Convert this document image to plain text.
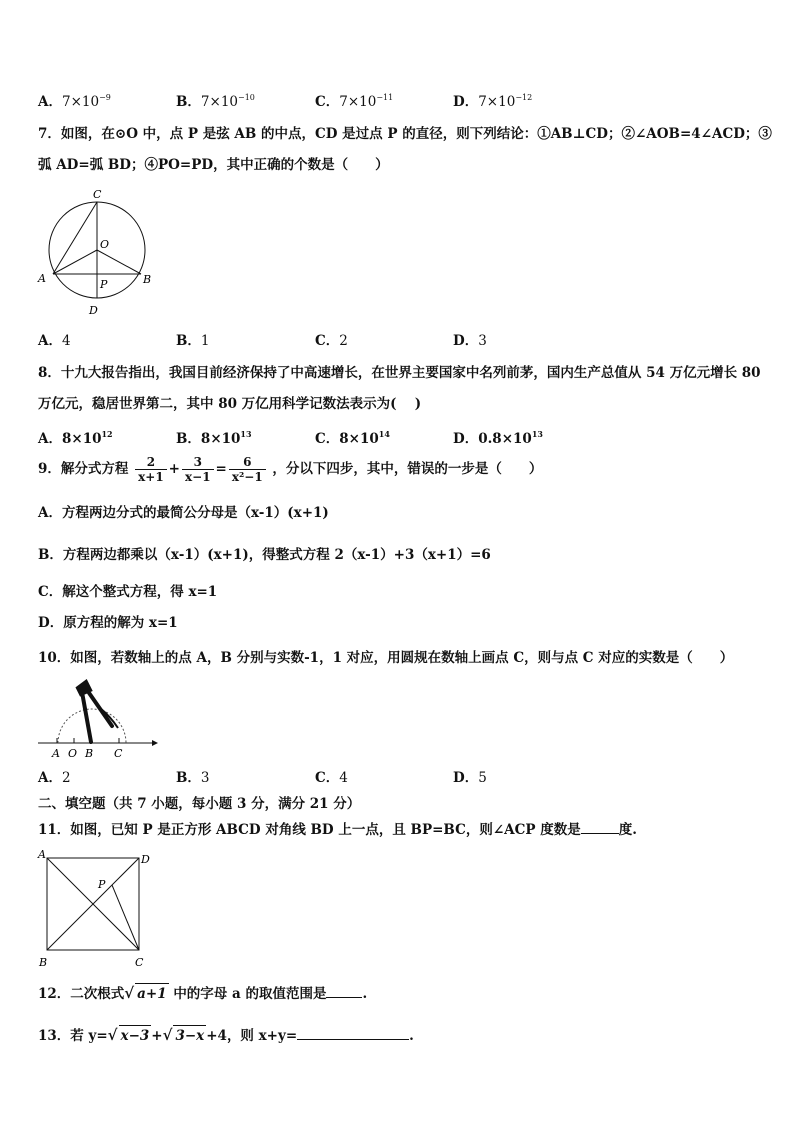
A．$7\times 10^{-9}$	B．$7\times 10^{-10}$	C．$7\times 10^{-11}$	D．$7\times 10^{-12}$
7．如图，在⊙O 中，点 P 是弦 AB 的中点，CD 是过点 P 的直径，则下列结论：①AB⊥CD；②∠AOB=4∠ACD；③
弧 AD=弧 BD；④PO=PD，其中正确的个数是（　　）
C
O
A	B
P
D
A．4	B．1	C．2	D．3
8．十九大报告指出，我国目前经济保持了中高速增长，在世界主要国家中名列前茅，国内生产总值从 54 万亿元增长 80
万亿元，稳居世界第二，其中 80 万亿用科学记数法表示为(　 )
A．$8\times 10^{12}$	B．$8\times 10^{13}$	C．$8\times 10^{14}$	D．$0.8\times 10^{13}$
9．解分式方程 $\frac{2}{x+1} + \frac{3}{x-1} = \frac{6}{\text{x²−1}}$ ，分以下四步，其中，错误的一步是（　　）
A．方程两边分式的最简公分母是（x-1）(x+1)
B．方程两边都乘以（x-1）(x+1)，得整式方程 2（x-1）+3（x+1）=6
C．解这个整式方程，得 x=1
D．原方程的解为 x=1
10．如图，若数轴上的点 A，B 分别与实数-1，1 对应，用圆规在数轴上画点 C，则与点 C 对应的实数是（　　）
A O B C
A．2	B．3	C．4	D．5
二、填空题（共 7 小题，每小题 3 分，满分 21 分）
11．如图，已知 P 是正方形 ABCD 对角线 BD 上一点，且 BP=BC，则∠ACP 度数是	度.
A	D
B	C
P
12．二次根式√ a+1 中的字母 a 的取值范围是	.
13．若 y=√ x−3 +√ 3−x +4，则 x+y=	.
